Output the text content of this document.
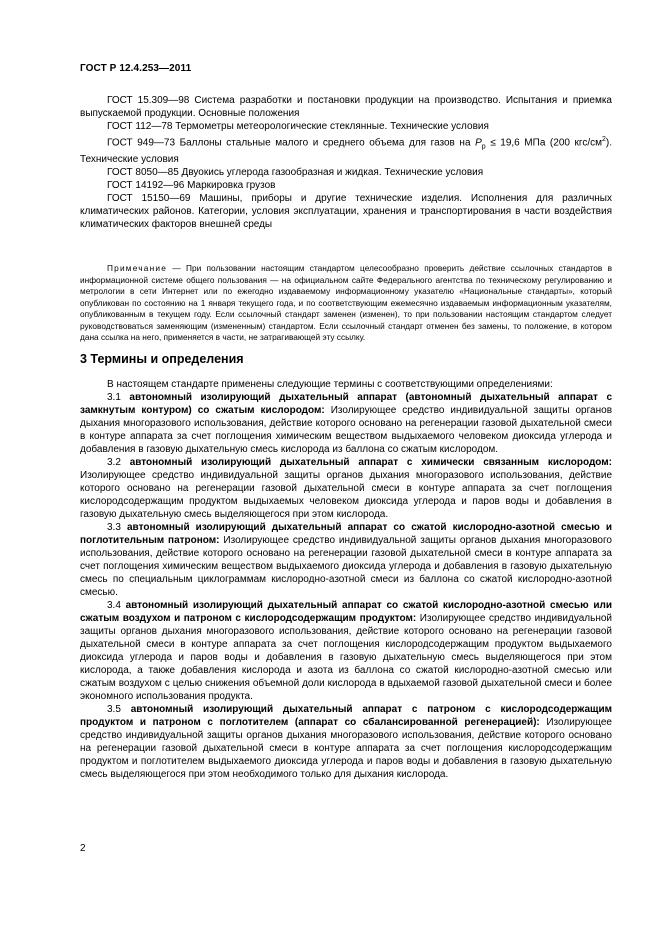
ГОСТ Р 12.4.253—2011

ГОСТ 15.309—98 Система разработки и постановки продукции на производство. Испытания и приемка выпускаемой продукции. Основные положения

ГОСТ 112—78 Термометры метеорологические стеклянные. Технические условия

ГОСТ 949—73 Баллоны стальные малого и среднего объема для газов на $P_р \le 19,6$ МПа (200 кгс/$см^2$). Технические условия

ГОСТ 8050—85 Двуокись углерода газообразная и жидкая. Технические условия

ГОСТ 14192—96 Маркировка грузов

ГОСТ 15150—69 Машины, приборы и другие технические изделия. Исполнения для различных климатических районов. Категории, условия эксплуатации, хранения и транспортирования в части воздействия климатических факторов внешней среды

Примечание — При пользовании настоящим стандартом целесообразно проверить действие ссылочных стандартов в информационной системе общего пользования — на официальном сайте Федерального агентства по техническому регулированию и метрологии в сети Интернет или по ежегодно издаваемому информационному указателю «Национальные стандарты», который опубликован по состоянию на 1 января текущего года, и по соответствующим ежемесячно издаваемым информационным указателям, опубликованным в текущем году. Если ссылочный стандарт заменен (изменен), то при пользовании настоящим стандартом следует руководствоваться заменяющим (измененным) стандартом. Если ссылочный стандарт отменен без замены, то положение, в котором дана ссылка на него, применяется в части, не затрагивающей эту ссылку.

3 Термины и определения

В настоящем стандарте применены следующие термины с соответствующими определениями:

3.1 автономный изолирующий дыхательный аппарат (автономный дыхательный аппарат с замкнутым контуром) со сжатым кислородом: Изолирующее средство индивидуальной защиты органов дыхания многоразового использования, действие которого основано на регенерации газовой дыхательной смеси в контуре аппарата за счет поглощения химическим веществом выдыхаемого человеком диоксида углерода и добавления в газовую дыхательную смесь кислорода из баллона со сжатым кислородом.

3.2 автономный изолирующий дыхательный аппарат с химически связанным кислородом: Изолирующее средство индивидуальной защиты органов дыхания многоразового использования, действие которого основано на регенерации газовой дыхательной смеси в контуре аппарата за счет поглощения кислородсодержащим продуктом выдыхаемых человеком диоксида углерода и паров воды и добавления в газовую дыхательную смесь выделяющегося при этом кислорода.

3.3 автономный изолирующий дыхательный аппарат со сжатой кислородно-азотной смесью и поглотительным патроном: Изолирующее средство индивидуальной защиты органов дыхания многоразового использования, действие которого основано на регенерации газовой дыхательной смеси в контуре аппарата за счет поглощения химическим веществом выдыхаемого диоксида углерода и добавления в газовую дыхательную смесь по специальным циклограммам кислородно-азотной смеси из баллона со сжатой кислородно-азотной смесью.

3.4 автономный изолирующий дыхательный аппарат со сжатой кислородно-азотной смесью или сжатым воздухом и патроном с кислородсодержащим продуктом: Изолирующее средство индивидуальной защиты органов дыхания многоразового использования, действие которого основано на регенерации газовой дыхательной смеси в контуре аппарата за счет поглощения кислородсодержащим продуктом выдыхаемого диоксида углерода и паров воды и добавления в газовую дыхательную смесь выделяющегося при этом кислорода, а также добавления кислорода и азота из баллона со сжатой кислородно-азотной смесью или сжатым воздухом с целью снижения объемной доли кислорода в вдыхаемой газовой дыхательной смеси и более экономного использования продукта.

3.5 автономный изолирующий дыхательный аппарат с патроном с кислородсодержащим продуктом и патроном с поглотителем (аппарат со сбалансированной регенерацией): Изолирующее средство индивидуальной защиты органов дыхания многоразового использования, действие которого основано на регенерации газовой дыхательной смеси в контуре аппарата за счет поглощения кислородсодержащим продуктом и поглотителем выдыхаемого диоксида углерода и паров воды и добавления в газовую дыхательную смесь выделяющегося при этом необходимого только для дыхания кислорода.

2
